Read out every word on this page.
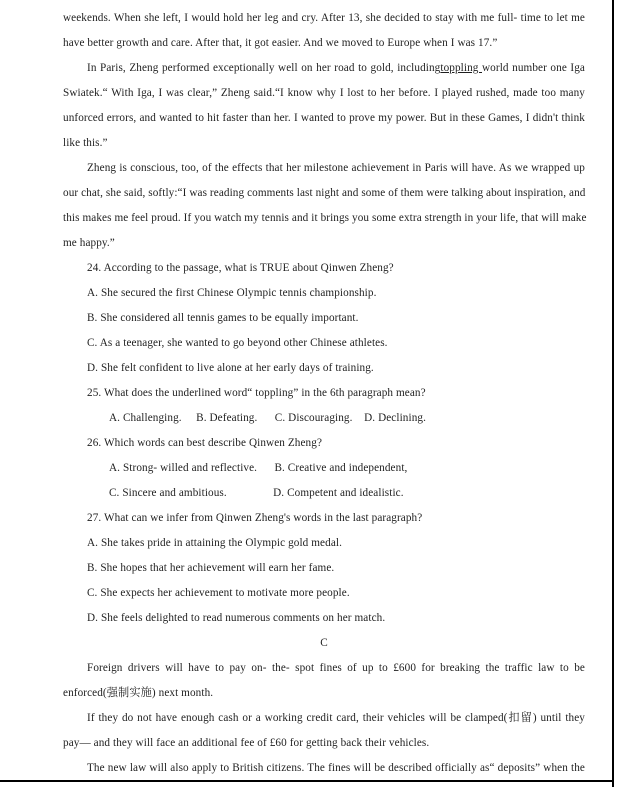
weekends. When she left, I would hold her leg and cry. After 13, she decided to stay with me full- time to let me
have better growth and care. After that, it got easier. And we moved to Europe when I was 17.”
In Paris, Zheng performed exceptionally well on her road to gold, includingtoppling world number one Iga
Swiatek.“ With Iga, I was clear,” Zheng said.“I know why I lost to her before. I played rushed, made too many
unforced errors, and wanted to hit faster than her. I wanted to prove my power. But in these Games, I didn't think
like this.”
Zheng is conscious, too, of the effects that her milestone achievement in Paris will have. As we wrapped up
our chat, she said, softly:“I was reading comments last night and some of them were talking about inspiration, and
this makes me feel proud. If you watch my tennis and it brings you some extra strength in your life, that will make
me happy.”
24. According to the passage, what is TRUE about Qinwen Zheng?
A. She secured the first Chinese Olympic tennis championship.
B. She considered all tennis games to be equally important.
C. As a teenager, she wanted to go beyond other Chinese athletes.
D. She felt confident to live alone at her early days of training.
25. What does the underlined word“ toppling” in the 6th paragraph mean?
A. Challenging.     B. Defeating.      C. Discouraging.    D. Declining.
26. Which words can best describe Qinwen Zheng?
A. Strong- willed and reflective.      B. Creative and independent,
C. Sincere and ambitious.                D. Competent and idealistic.
27. What can we infer from Qinwen Zheng's words in the last paragraph?
A. She takes pride in attaining the Olympic gold medal.
B. She hopes that her achievement will earn her fame.
C. She expects her achievement to motivate more people.
D. She feels delighted to read numerous comments on her match.
C
Foreign drivers will have to pay on- the- spot fines of up to £600 for breaking the traffic law to be
enforced(强制实施) next month.
If they do not have enough cash or a working credit card, their vehicles will be clamped(扣留) until they
pay— and they will face an additional fee of £60 for getting back their vehicles.
The new law will also apply to British citizens. The fines will be described officially as“ deposits” when the
